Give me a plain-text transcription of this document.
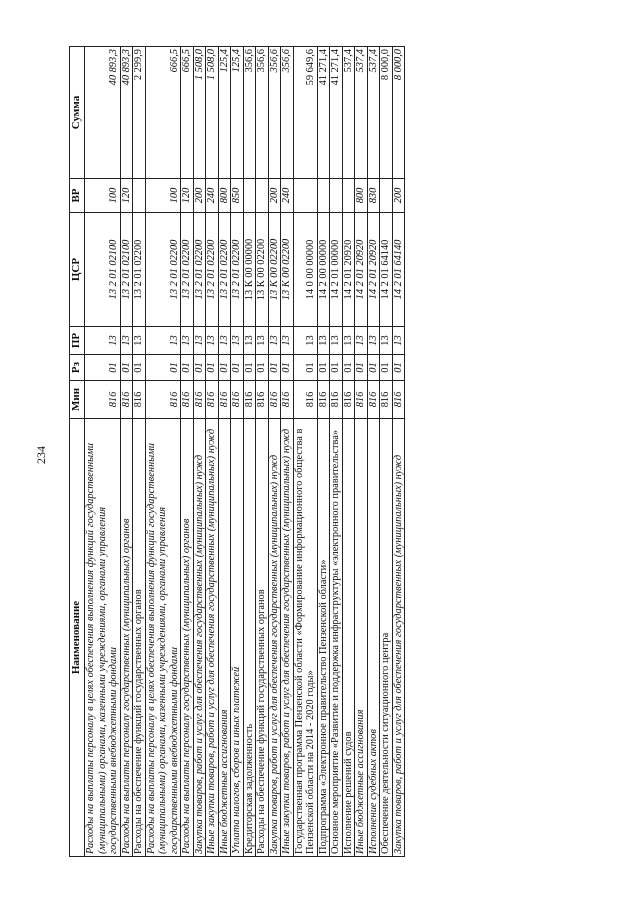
234
Наименование	Мин	Рз	ПР	ЦСР	ВР	Сумма
Расходы на выплаты персоналу в целях обеспечения выполнения функций государственными (муниципальными) органами, казенными учреждениями, органами управления государственными внебюджетными фондами	816	01	13	13 2 01 02100	100	40 893,3
Расходы на выплаты персоналу государственных (муниципальных) органов	816	01	13	13 2 01 02100	120	40 893,3
Расходы на обеспечение функций государственных органов	816	01	13	13 2 01 02200		2 299,9
Расходы на выплаты персоналу в целях обеспечения выполнения функций государственными (муниципальными) органами, казенными учреждениями, органами управления государственными внебюджетными фондами	816	01	13	13 2 01 02200	100	666,5
Расходы на выплаты персоналу государственных (муниципальных) органов	816	01	13	13 2 01 02200	120	666,5
Закупка товаров, работ и услуг для обеспечения государственных (муниципальных) нужд	816	01	13	13 2 01 02200	200	1 508,0
Иные закупки товаров, работ и услуг для обеспечения государственных (муниципальных) нужд	816	01	13	13 2 01 02200	240	1 508,0
Иные бюджетные ассигнования	816	01	13	13 2 01 02200	800	125,4
Уплата налогов, сборов и иных платежей	816	01	13	13 2 01 02200	850	125,4
Кредиторская задолженность	816	01	13	13 К 00 00000		356,6
Расходы на обеспечение функций государственных органов	816	01	13	13 К 00 02200		356,6
Закупка товаров, работ и услуг для обеспечения государственных (муниципальных) нужд	816	01	13	13 К 00 02200	200	356,6
Иные закупки товаров, работ и услуг для обеспечения государственных (муниципальных) нужд	816	01	13	13 К 00 02200	240	356,6
Государственная программа Пензенской области «Формирование информационного общества в Пензенской области на 2014 - 2020 годы»	816	01	13	14 0 00 00000		59 649,6
Подпрограмма «Электронное правительство Пензенской области»	816	01	13	14 2 00 00000		41 271,4
Основное мероприятие «Развитие и поддержка инфраструктуры «электронного правительства»	816	01	13	14 2 01 00000		41 271,4
Исполнение решений судов	816	01	13	14 2 01 20920		537,4
Иные бюджетные ассигнования	816	01	13	14 2 01 20920	800	537,4
Исполнение судебных актов	816	01	13	14 2 01 20920	830	537,4
Обеспечение деятельности ситуационного центра	816	01	13	14 2 01 64140		8 000,0
Закупка товаров, работ и услуг для обеспечения государственных (муниципальных) нужд	816	01	13	14 2 01 64140	200	8 000,0
